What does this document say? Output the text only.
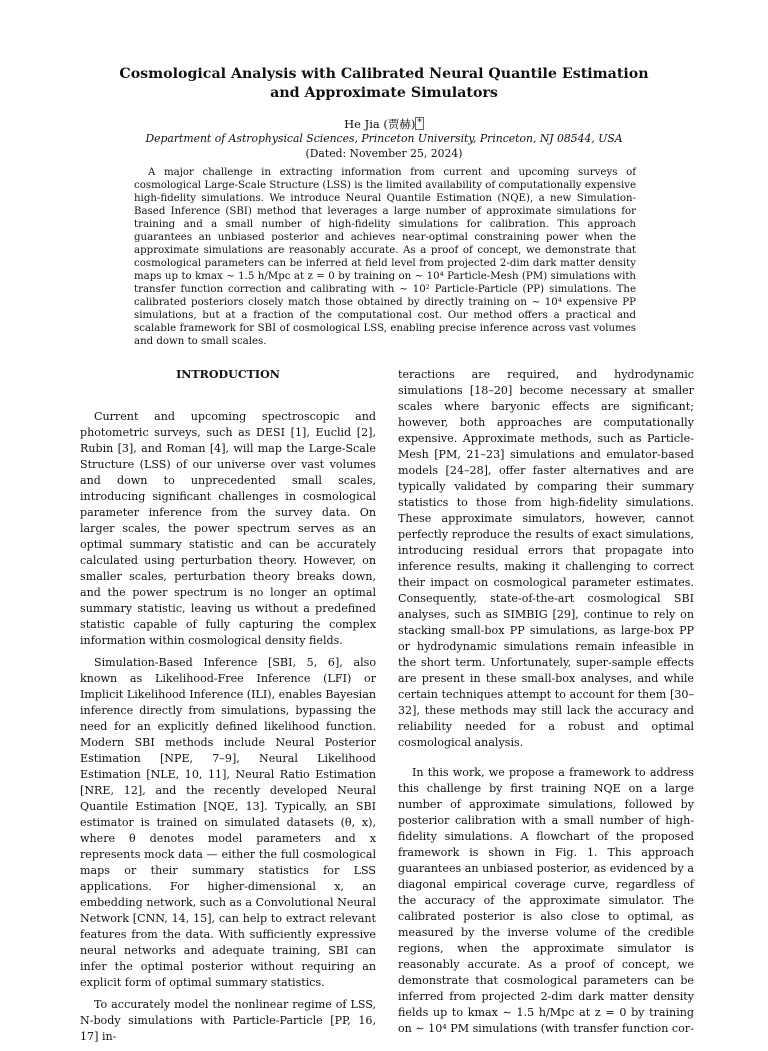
Cosmological Analysis with Calibrated Neural Quantile Estimation
and Approximate Simulators
He Jia (贾赫) *
Department of Astrophysical Sciences, Princeton University, Princeton, NJ 08544, USA
(Dated: November 25, 2024)
A major challenge in extracting information from current and upcoming surveys of cosmological Large-Scale Structure (LSS) is the limited availability of computationally expensive high-fidelity simulations. We introduce Neural Quantile Estimation (NQE), a new Simulation-Based Inference (SBI) method that leverages a large number of approximate simulations for training and a small number of high-fidelity simulations for calibration. This approach guarantees an unbiased posterior and achieves near-optimal constraining power when the approximate simulations are reasonably accurate. As a proof of concept, we demonstrate that cosmological parameters can be inferred at field level from projected 2-dim dark matter density maps up to kmax ∼ 1.5 h/Mpc at z = 0 by training on ∼ 10⁴ Particle-Mesh (PM) simulations with transfer function correction and calibrating with ∼ 10² Particle-Particle (PP) simulations. The calibrated posteriors closely match those obtained by directly training on ∼ 10⁴ expensive PP simulations, but at a fraction of the computational cost. Our method offers a practical and scalable framework for SBI of cosmological LSS, enabling precise inference across vast volumes and down to small scales.
INTRODUCTION

Current and upcoming spectroscopic and photometric surveys, such as DESI [1], Euclid [2], Rubin [3], and Roman [4], will map the Large-Scale Structure (LSS) of our universe over vast volumes and down to unprecedented small scales, introducing significant challenges in cosmological parameter inference from the survey data. On larger scales, the power spectrum serves as an optimal summary statistic and can be accurately calculated using perturbation theory. However, on smaller scales, perturbation theory breaks down, and the power spectrum is no longer an optimal summary statistic, leaving us without a predefined statistic capable of fully capturing the complex information within cosmological density fields.

Simulation-Based Inference [SBI, 5, 6], also known as Likelihood-Free Inference (LFI) or Implicit Likelihood Inference (ILI), enables Bayesian inference directly from simulations, bypassing the need for an explicitly defined likelihood function. Modern SBI methods include Neural Posterior Estimation [NPE, 7–9], Neural Likelihood Estimation [NLE, 10, 11], Neural Ratio Estimation [NRE, 12], and the recently developed Neural Quantile Estimation [NQE, 13]. Typically, an SBI estimator is trained on simulated datasets (θ, x), where θ denotes model parameters and x represents mock data — either the full cosmological maps or their summary statistics for LSS applications. For higher-dimensional x, an embedding network, such as a Convolutional Neural Network [CNN, 14, 15], can help to extract relevant features from the data. With sufficiently expressive neural networks and adequate training, SBI can infer the optimal posterior without requiring an explicit form of optimal summary statistics.

To accurately model the nonlinear regime of LSS, N-body simulations with Particle-Particle [PP, 16, 17] in-

teractions are required, and hydrodynamic simulations [18–20] become necessary at smaller scales where baryonic effects are significant; however, both approaches are computationally expensive. Approximate methods, such as Particle-Mesh [PM, 21–23] simulations and emulator-based models [24–28], offer faster alternatives and are typically validated by comparing their summary statistics to those from high-fidelity simulations. These approximate simulators, however, cannot perfectly reproduce the results of exact simulations, introducing residual errors that propagate into inference results, making it challenging to correct their impact on cosmological parameter estimates. Consequently, state-of-the-art cosmological SBI analyses, such as SIMBIG [29], continue to rely on stacking small-box PP simulations, as large-box PP or hydrodynamic simulations remain infeasible in the short term. Unfortunately, super-sample effects are present in these small-box analyses, and while certain techniques attempt to account for them [30–32], these methods may still lack the accuracy and reliability needed for a robust and optimal cosmological analysis.

In this work, we propose a framework to address this challenge by first training NQE on a large number of approximate simulations, followed by posterior calibration with a small number of high-fidelity simulations. A flowchart of the proposed framework is shown in Fig. 1. This approach guarantees an unbiased posterior, as evidenced by a diagonal empirical coverage curve, regardless of the accuracy of the approximate simulator. The calibrated posterior is also close to optimal, as measured by the inverse volume of the credible regions, when the approximate simulator is reasonably accurate. As a proof of concept, we demonstrate that cosmological parameters can be inferred from projected 2-dim dark matter density fields up to kmax ∼ 1.5 h/Mpc at z = 0 by training on ∼ 10⁴ PM simulations (with transfer function cor-
